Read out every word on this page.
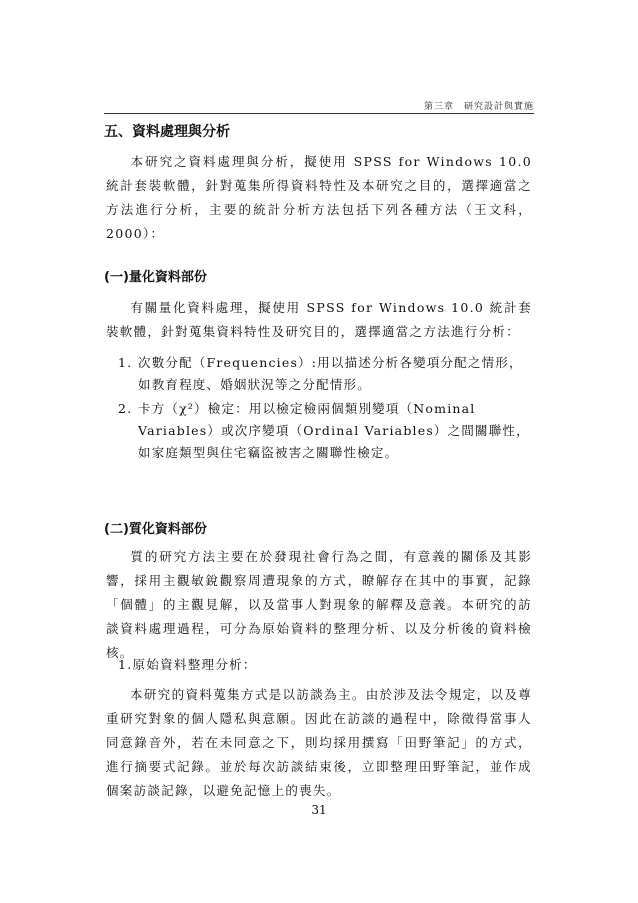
第三章　研究設計與實施
五、資料處理與分析
本研究之資料處理與分析，擬使用 SPSS for Windows 10.0 統計套裝軟體，針對蒐集所得資料特性及本研究之目的，選擇適當之方法進行分析，主要的統計分析方法包括下列各種方法（王文科，2000）：
(一)量化資料部份
有關量化資料處理，擬使用 SPSS for Windows 10.0 統計套裝軟體，針對蒐集資料特性及研究目的，選擇適當之方法進行分析：
1. 次數分配（Frequencies）:用以描述分析各變項分配之情形，如教育程度、婚姻狀況等之分配情形。
2. 卡方（χ²）檢定：用以檢定檢兩個類別變項（Nominal Variables）或次序變項（Ordinal Variables）之間關聯性，如家庭類型與住宅竊盜被害之關聯性檢定。
(二)質化資料部份
質的研究方法主要在於發現社會行為之間，有意義的關係及其影響，採用主觀敏銳觀察周遭現象的方式，瞭解存在其中的事實，記錄「個體」的主觀見解，以及當事人對現象的解釋及意義。本研究的訪談資料處理過程，可分為原始資料的整理分析、以及分析後的資料檢核。
1.原始資料整理分析：
本研究的資料蒐集方式是以訪談為主。由於涉及法令規定，以及尊重研究對象的個人隱私與意願。因此在訪談的過程中，除徵得當事人同意錄音外，若在未同意之下，則均採用撰寫「田野筆記」的方式，進行摘要式記錄。並於每次訪談結束後，立即整理田野筆記，並作成個案訪談記錄，以避免記憶上的喪失。
31
